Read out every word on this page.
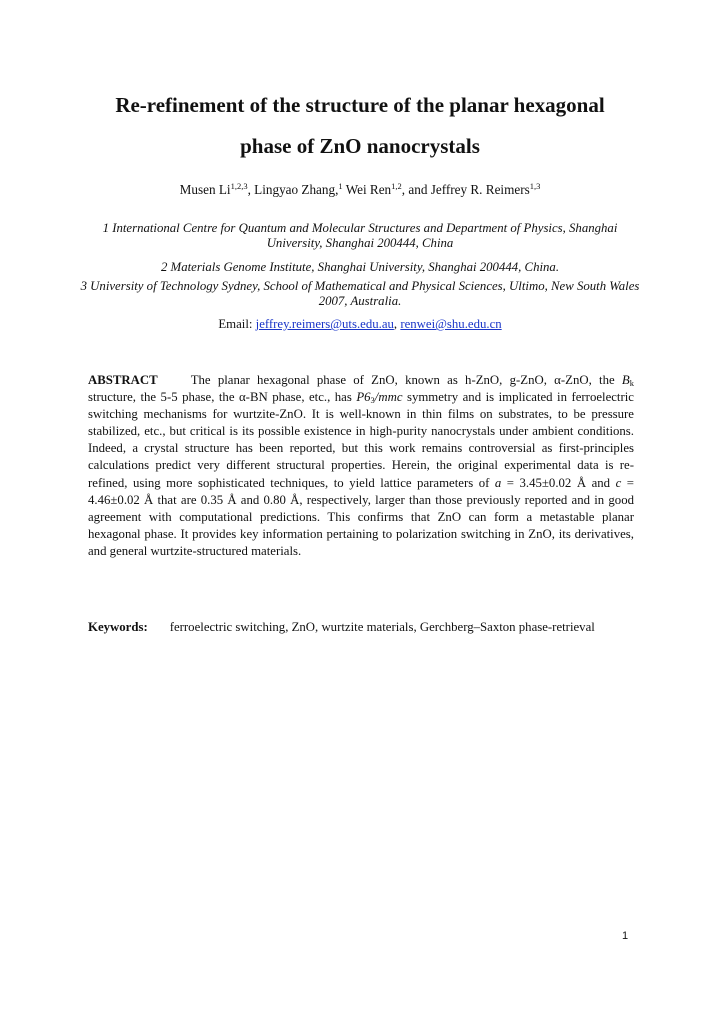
Re-refinement of the structure of the planar hexagonal
phase of ZnO nanocrystals
Musen Li$^{1,2,3}$, Lingyao Zhang,$^1$ Wei Ren$^{1,2}$, and Jeffrey R. Reimers$^{1,3}$
1 International Centre for Quantum and Molecular Structures and Department of Physics, Shanghai University, Shanghai 200444, China
2 Materials Genome Institute, Shanghai University, Shanghai 200444, China.
3 University of Technology Sydney, School of Mathematical and Physical Sciences, Ultimo, New South Wales 2007, Australia.
Email: jeffrey.reimers@uts.edu.au, renwei@shu.edu.cn
ABSTRACT	The planar hexagonal phase of ZnO, known as h-ZnO, g-ZnO, α-ZnO, the $B_k$ structure, the 5-5 phase, the α-BN phase, etc., has $P6_3$/mmc symmetry and is implicated in ferroelectric switching mechanisms for wurtzite-ZnO. It is well-known in thin films on substrates, to be pressure stabilized, etc., but critical is its possible existence in high-purity nanocrystals under ambient conditions. Indeed, a crystal structure has been reported, but this work remains controversial as first-principles calculations predict very different structural properties. Herein, the original experimental data is re-refined, using more sophisticated techniques, to yield lattice parameters of a = 3.45±0.02 Å and c = 4.46±0.02 Å that are 0.35 Å and 0.80 Å, respectively, larger than those previously reported and in good agreement with computational predictions. This confirms that ZnO can form a metastable planar hexagonal phase. It provides key information pertaining to polarization switching in ZnO, its derivatives, and general wurtzite-structured materials.
Keywords: ferroelectric switching, ZnO, wurtzite materials, Gerchberg–Saxton phase-retrieval
1
